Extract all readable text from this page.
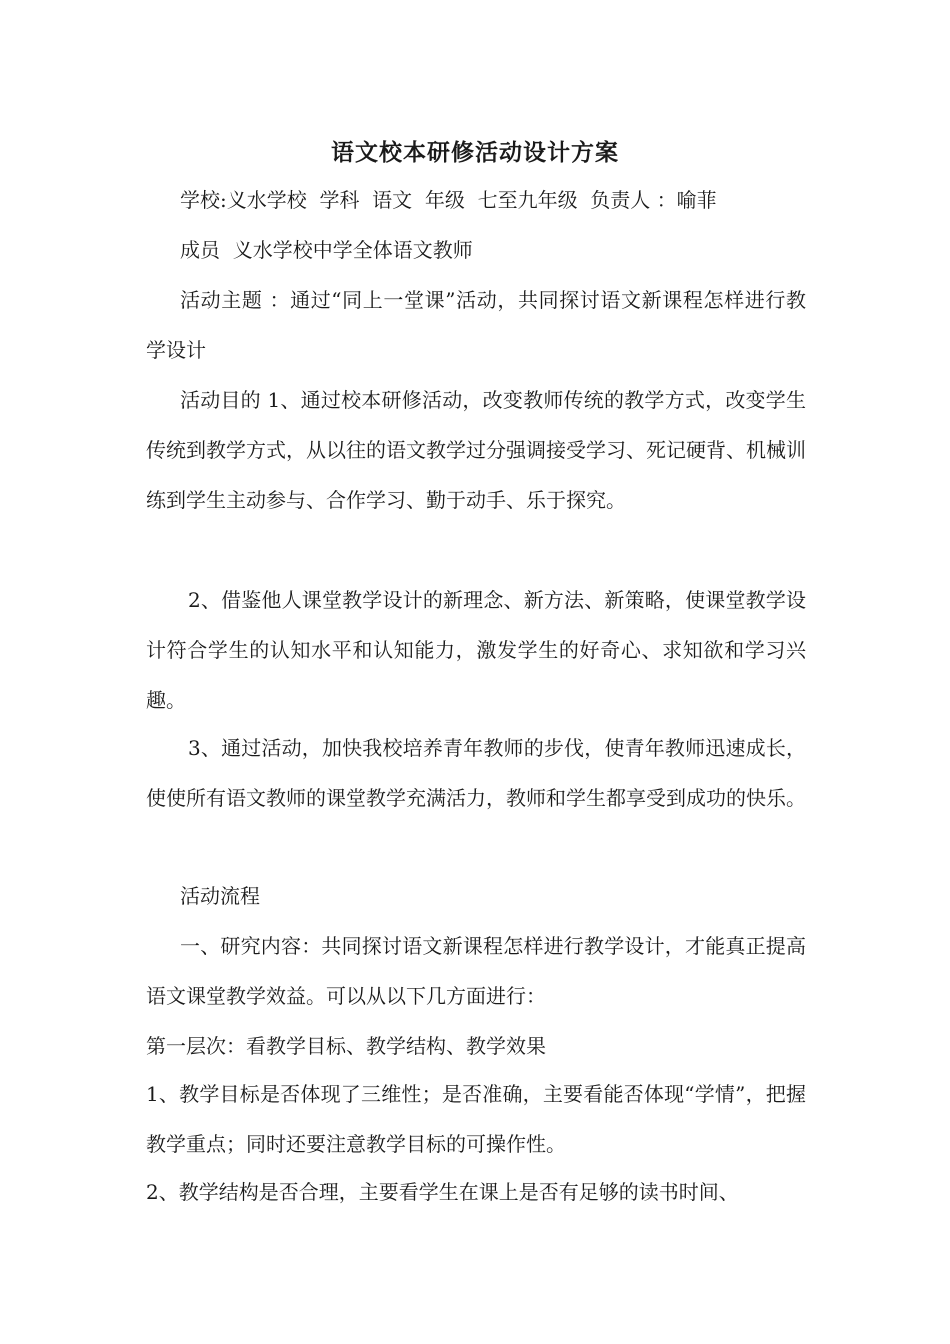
语文校本研修活动设计方案
学校:义水学校  学科  语文  年级  七至九年级  负责人 ：喻菲
成员  义水学校中学全体语文教师
活动主题 ：通过“同上一堂课”活动，共同探讨语文新课程怎样进行教学设计
活动目的 1、通过校本研修活动，改变教师传统的教学方式，改变学生传统到教学方式，从以往的语文教学过分强调接受学习、死记硬背、机械训练到学生主动参与、合作学习、勤于动手、乐于探究。
2、借鉴他人课堂教学设计的新理念、新方法、新策略，使课堂教学设计符合学生的认知水平和认知能力，激发学生的好奇心、求知欲和学习兴趣。
3、通过活动，加快我校培养青年教师的步伐，使青年教师迅速成长，使使所有语文教师的课堂教学充满活力，教师和学生都享受到成功的快乐。
活动流程
一、研究内容：共同探讨语文新课程怎样进行教学设计，才能真正提高语文课堂教学效益。可以从以下几方面进行：
第一层次：看教学目标、教学结构、教学效果
1、教学目标是否体现了三维性；是否准确，主要看能否体现“学情”，把握教学重点；同时还要注意教学目标的可操作性。
2、教学结构是否合理，主要看学生在课上是否有足够的读书时间、
